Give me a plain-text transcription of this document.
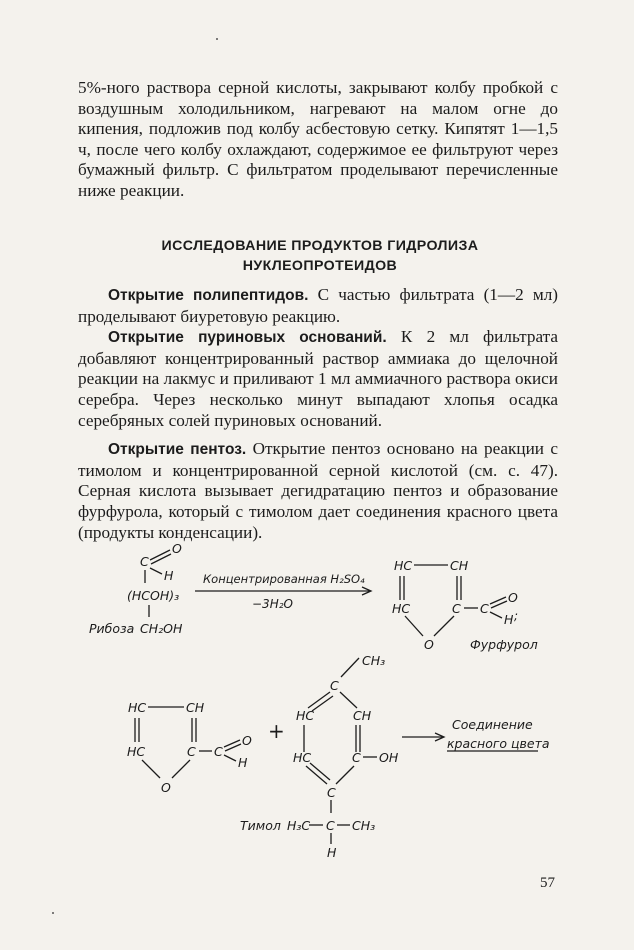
5%-ного раствора серной кислоты, закрывают колбу пробкой с воздушным холодильником, нагревают на малом огне до кипения, подложив под колбу асбестовую сетку. Кипятят 1—1,5 ч, после чего колбу охлаждают, содержимое ее фильтруют через бумажный фильтр. С фильтратом проделывают перечисленные ниже реакции.

ИССЛЕДОВАНИЕ ПРОДУКТОВ ГИДРОЛИЗА
НУКЛЕОПРОТЕИДОВ

Открытие полипептидов. С частью фильтрата (1—2 мл) проделывают биуретовую реакцию.

Открытие пуриновых оснований. К 2 мл фильтрата добавляют концентрированный раствор аммиака до щелочной реакции на лакмус и приливают 1 мл аммиачного раствора окиси серебра. Через несколько минут выпадают хлопья осадка серебряных солей пуриновых оснований.

Открытие пентоз. Открытие пентоз основано на реакции с тимолом и концентрированной серной кислотой (см. с. 47). Серная кислота вызывает дегидратацию пентоз и образование фурфурола, который с тимолом дает соединения красного цвета (продукты конденсации).

C
O
H
(HCOH)₃
CH₂OH
Рибоза
Концентрированная H₂SO₄
−3H₂O
HC	CH
HC	C
O
C
O
H ;
Фурфурол
HC	CH
HC	C
O
C
O
H
+
CH₃
C
HC	CH
HC	C OH
C
Тимол H₃C C CH₃
H
Соединение
красного цвета
57
